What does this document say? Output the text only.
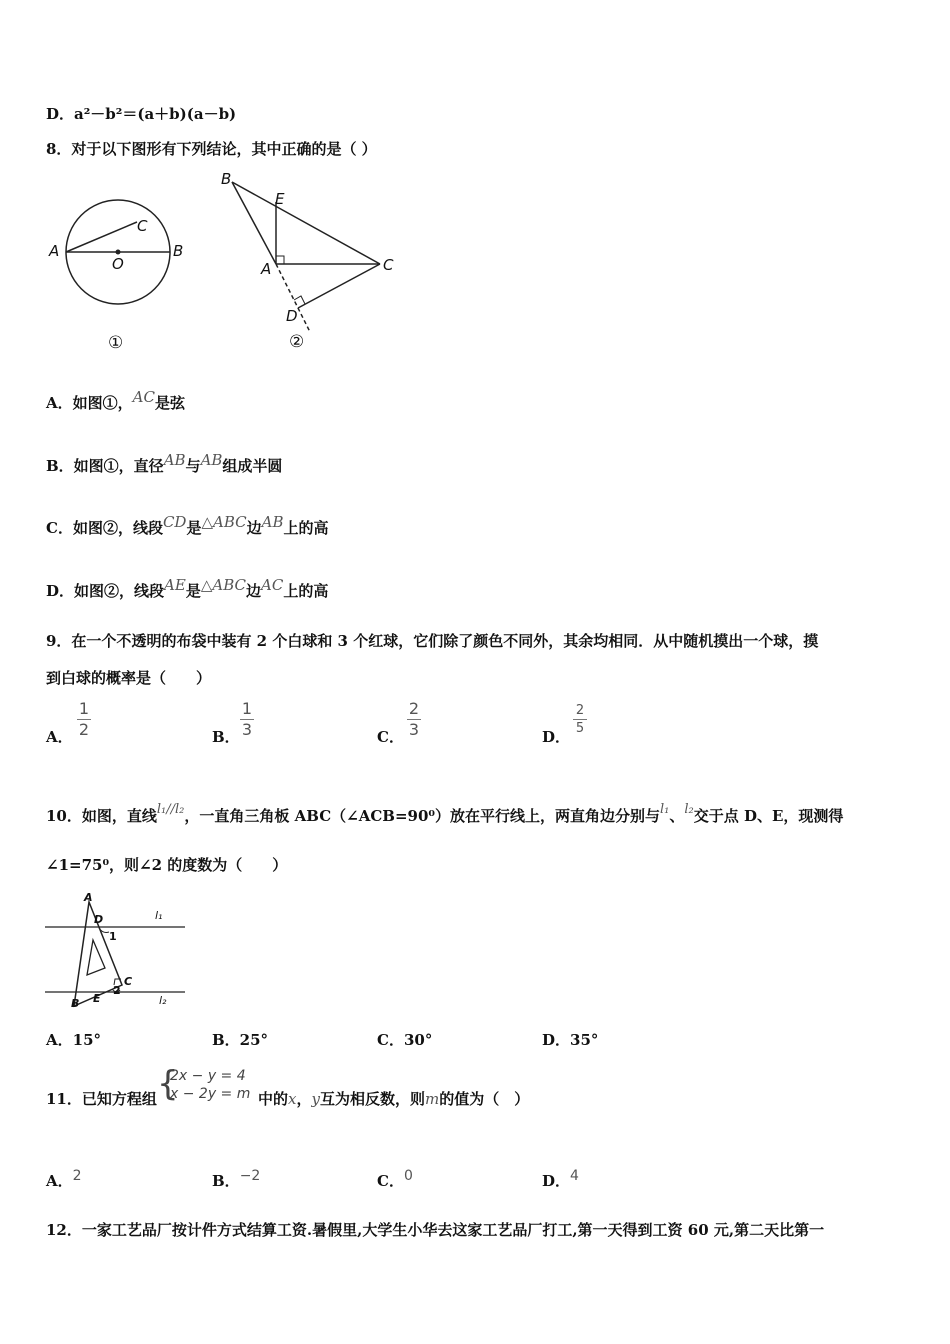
D．a²－b²＝(a＋b)(a－b)
8．对于以下图形有下列结论，其中正确的是（ ）
A	B
C
O
①
B
E
A	C
D
②
A．如图①，AC是弦
B．如图①，直径AB与AB组成半圆
C．如图②，线段CD是△ABC边AB上的高
D．如图②，线段AE是△ABC边AC上的高
9．在一个不透明的布袋中装有 2 个白球和 3 个红球，它们除了颜色不同外，其余均相同．从中随机摸出一个球，摸
到白球的概率是（　　）
A．
1
2	B．
1
3	C．
2
3	D．
2
5
10．如图，直线l₁//l₂，一直角三角板 ABC（∠ACB=90⁰）放在平行线上，两直角边分别与l₁、l₂交于点 D、E，现测得
∠1=75⁰，则∠2 的度数为（　　）
A
D
1
l₁
C
2
B E	l₂
A．15°	B．25°	C．30°	D．35°
{
2x − y = 4
x − 2y = m
11．已知方程组	中的x，y互为相反数，则m的值为（　）
A．2	B．−2	C．0	D．4
12．一家工艺品厂按计件方式结算工资.暑假里,大学生小华去这家工艺品厂打工,第一天得到工资 60 元,第二天比第一
